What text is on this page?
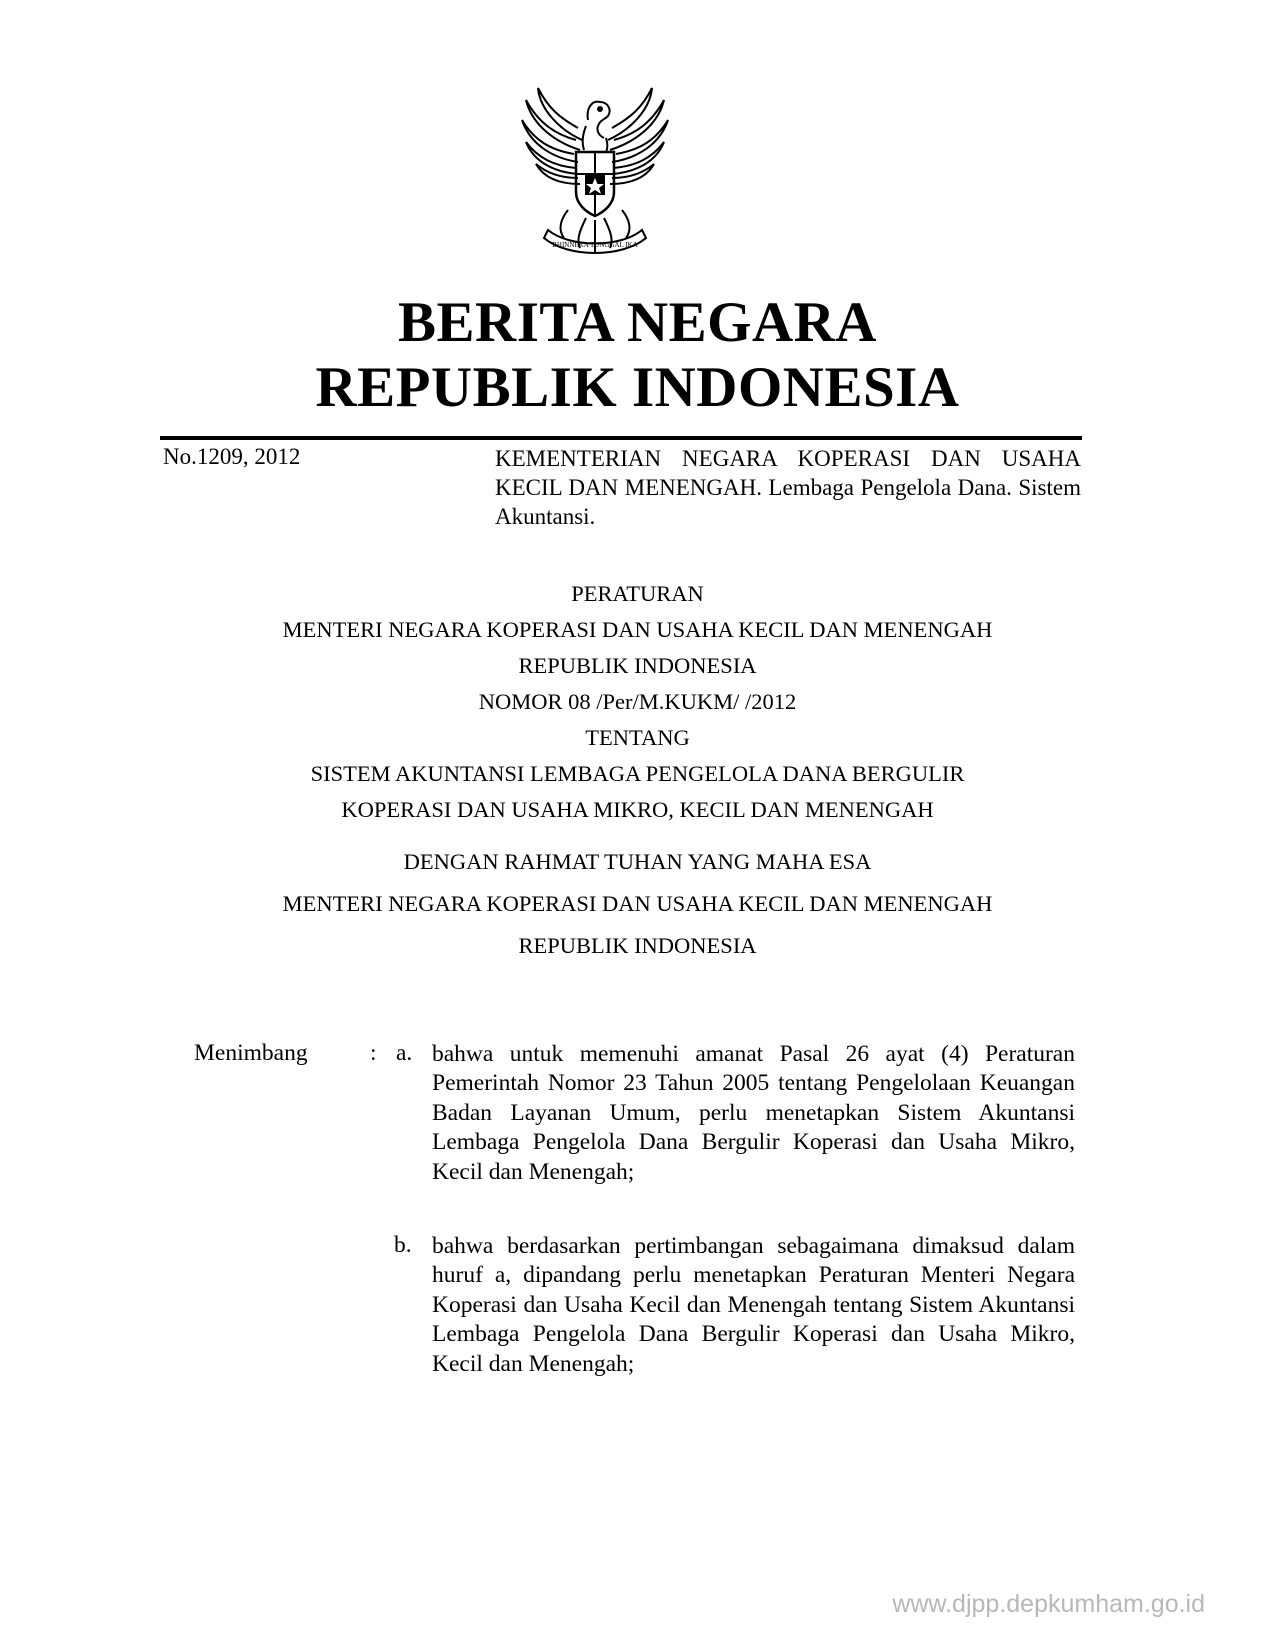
BHINNEKA TUNGGAL IKA
BERITA NEGARA
REPUBLIK INDONESIA
No.1209, 2012	KEMENTERIAN NEGARA KOPERASI DAN USAHA KECIL DAN MENENGAH. Lembaga Pengelola Dana. Sistem Akuntansi.
PERATURAN
MENTERI NEGARA KOPERASI DAN USAHA KECIL DAN MENENGAH
REPUBLIK INDONESIA
NOMOR 08 /Per/M.KUKM/ /2012
TENTANG
SISTEM AKUNTANSI LEMBAGA PENGELOLA DANA BERGULIR
KOPERASI DAN USAHA MIKRO, KECIL DAN MENENGAH
DENGAN RAHMAT TUHAN YANG MAHA ESA
MENTERI NEGARA KOPERASI DAN USAHA KECIL DAN MENENGAH
REPUBLIK INDONESIA
Menimbang	: a. bahwa untuk memenuhi amanat Pasal 26 ayat (4) Peraturan Pemerintah Nomor 23 Tahun 2005 tentang Pengelolaan Keuangan Badan Layanan Umum, perlu menetapkan Sistem Akuntansi Lembaga Pengelola Dana Bergulir Koperasi dan Usaha Mikro, Kecil dan Menengah;
b. bahwa berdasarkan pertimbangan sebagaimana dimaksud dalam huruf a, dipandang perlu menetapkan Peraturan Menteri Negara Koperasi dan Usaha Kecil dan Menengah tentang Sistem Akuntansi Lembaga Pengelola Dana Bergulir Koperasi dan Usaha Mikro, Kecil dan Menengah;
www.djpp.depkumham.go.id
